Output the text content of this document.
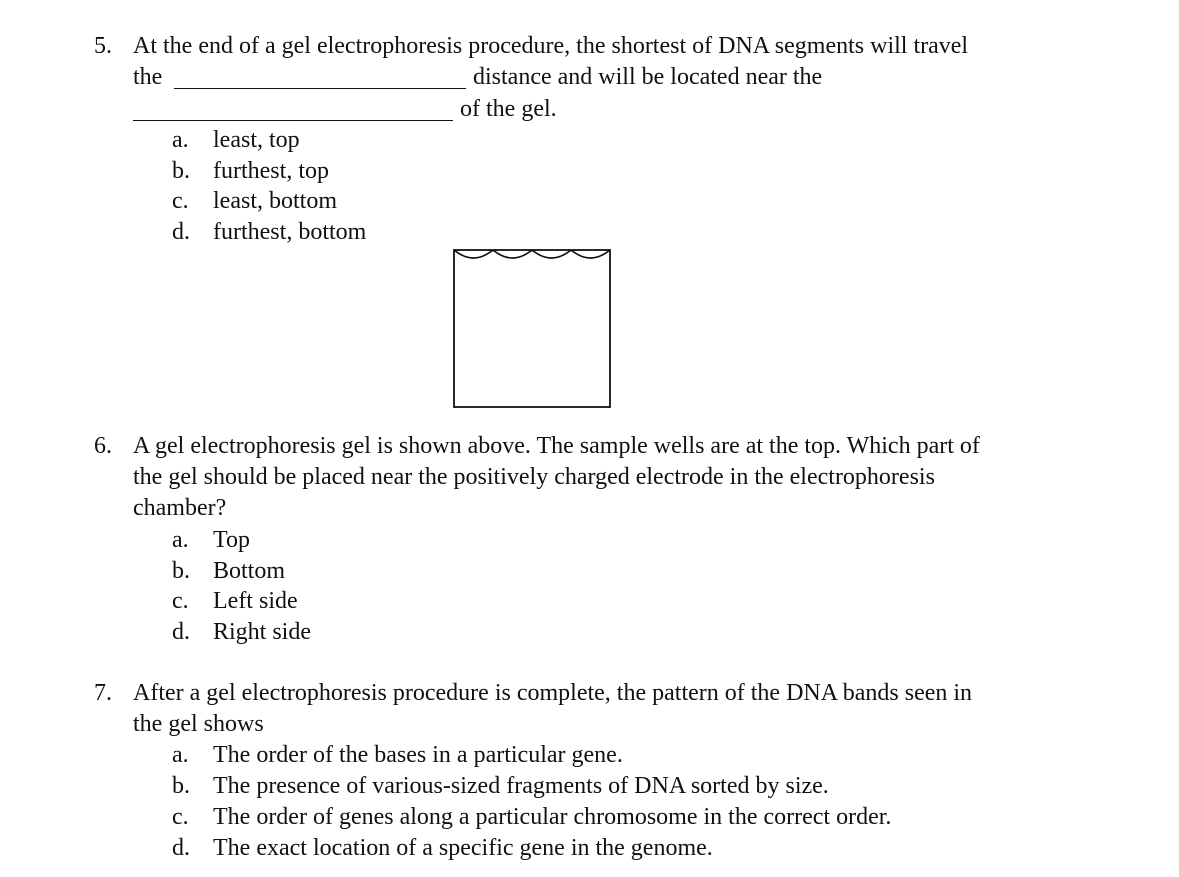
5. At the end of a gel electrophoresis procedure, the shortest of DNA segments will travel
the	distance and will be located near the
of the gel.
a. least, top
b. furthest, top
c. least, bottom
d. furthest, bottom
6. A gel electrophoresis gel is shown above. The sample wells are at the top. Which part of
the gel should be placed near the positively charged electrode in the electrophoresis
chamber?
a. Top
b. Bottom
c. Left side
d. Right side
7. After a gel electrophoresis procedure is complete, the pattern of the DNA bands seen in
the gel shows
a. The order of the bases in a particular gene.
b. The presence of various-sized fragments of DNA sorted by size.
c. The order of genes along a particular chromosome in the correct order.
d. The exact location of a specific gene in the genome.
